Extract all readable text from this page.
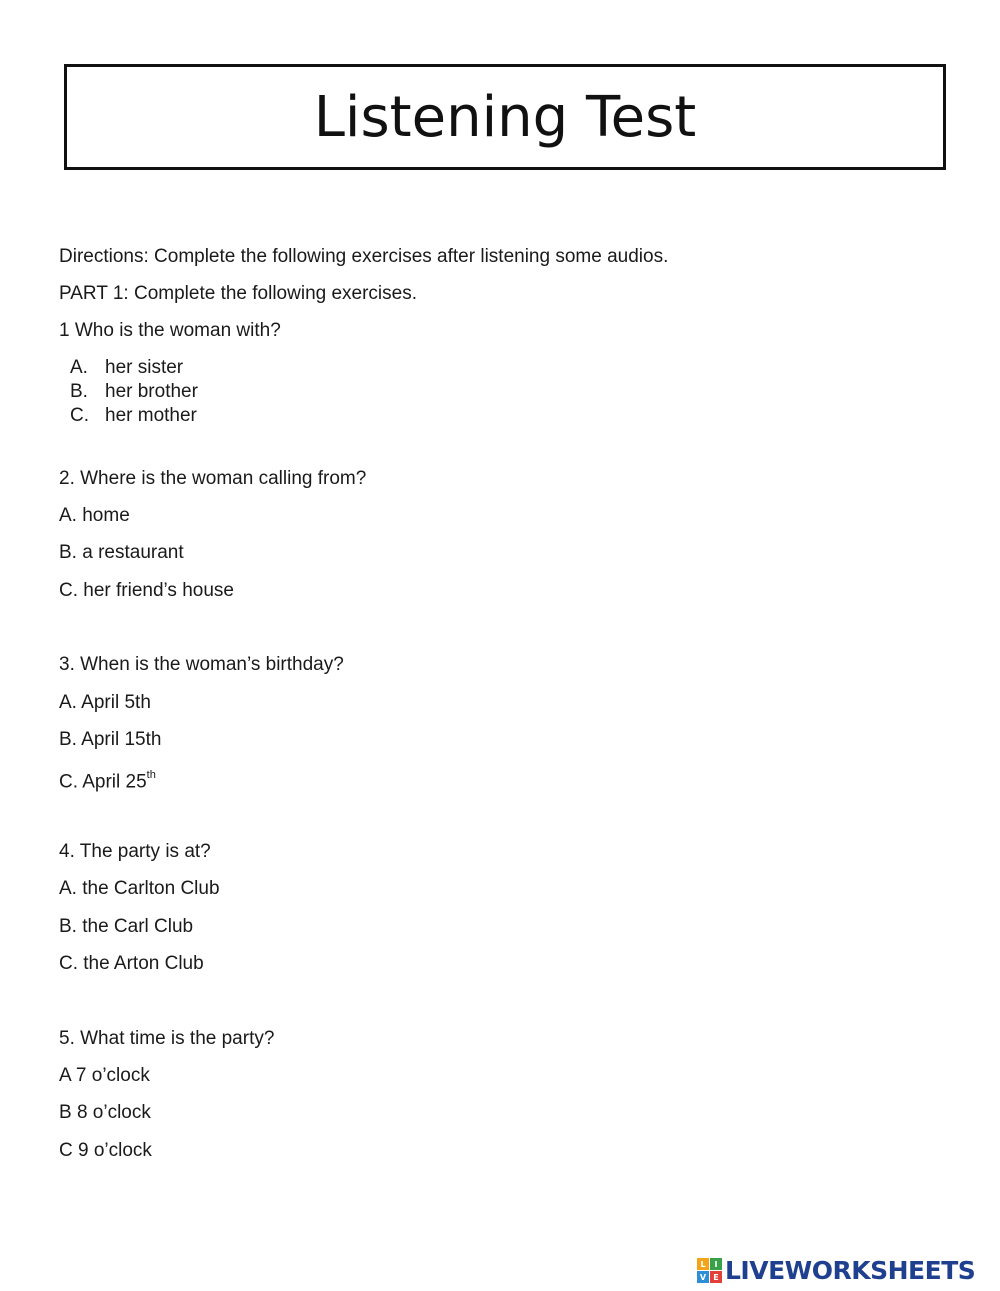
Listening Test
Directions: Complete the following exercises after listening some audios.
PART 1: Complete the following exercises.
1 Who is the woman with?
A. her sister
B. her brother
C. her mother
2. Where is the woman calling from?
A. home
B. a restaurant
C. her friend’s house
3. When is the woman’s birthday?
A. April 5th
B. April 15th
C. April 25th
4. The party is at?
A. the Carlton Club
B. the Carl Club
C. the Arton Club
5. What time is the party?
A 7 o’clock
B 8 o’clock
C 9 o’clock
L	I
V E LIVEWORKSHEETS
